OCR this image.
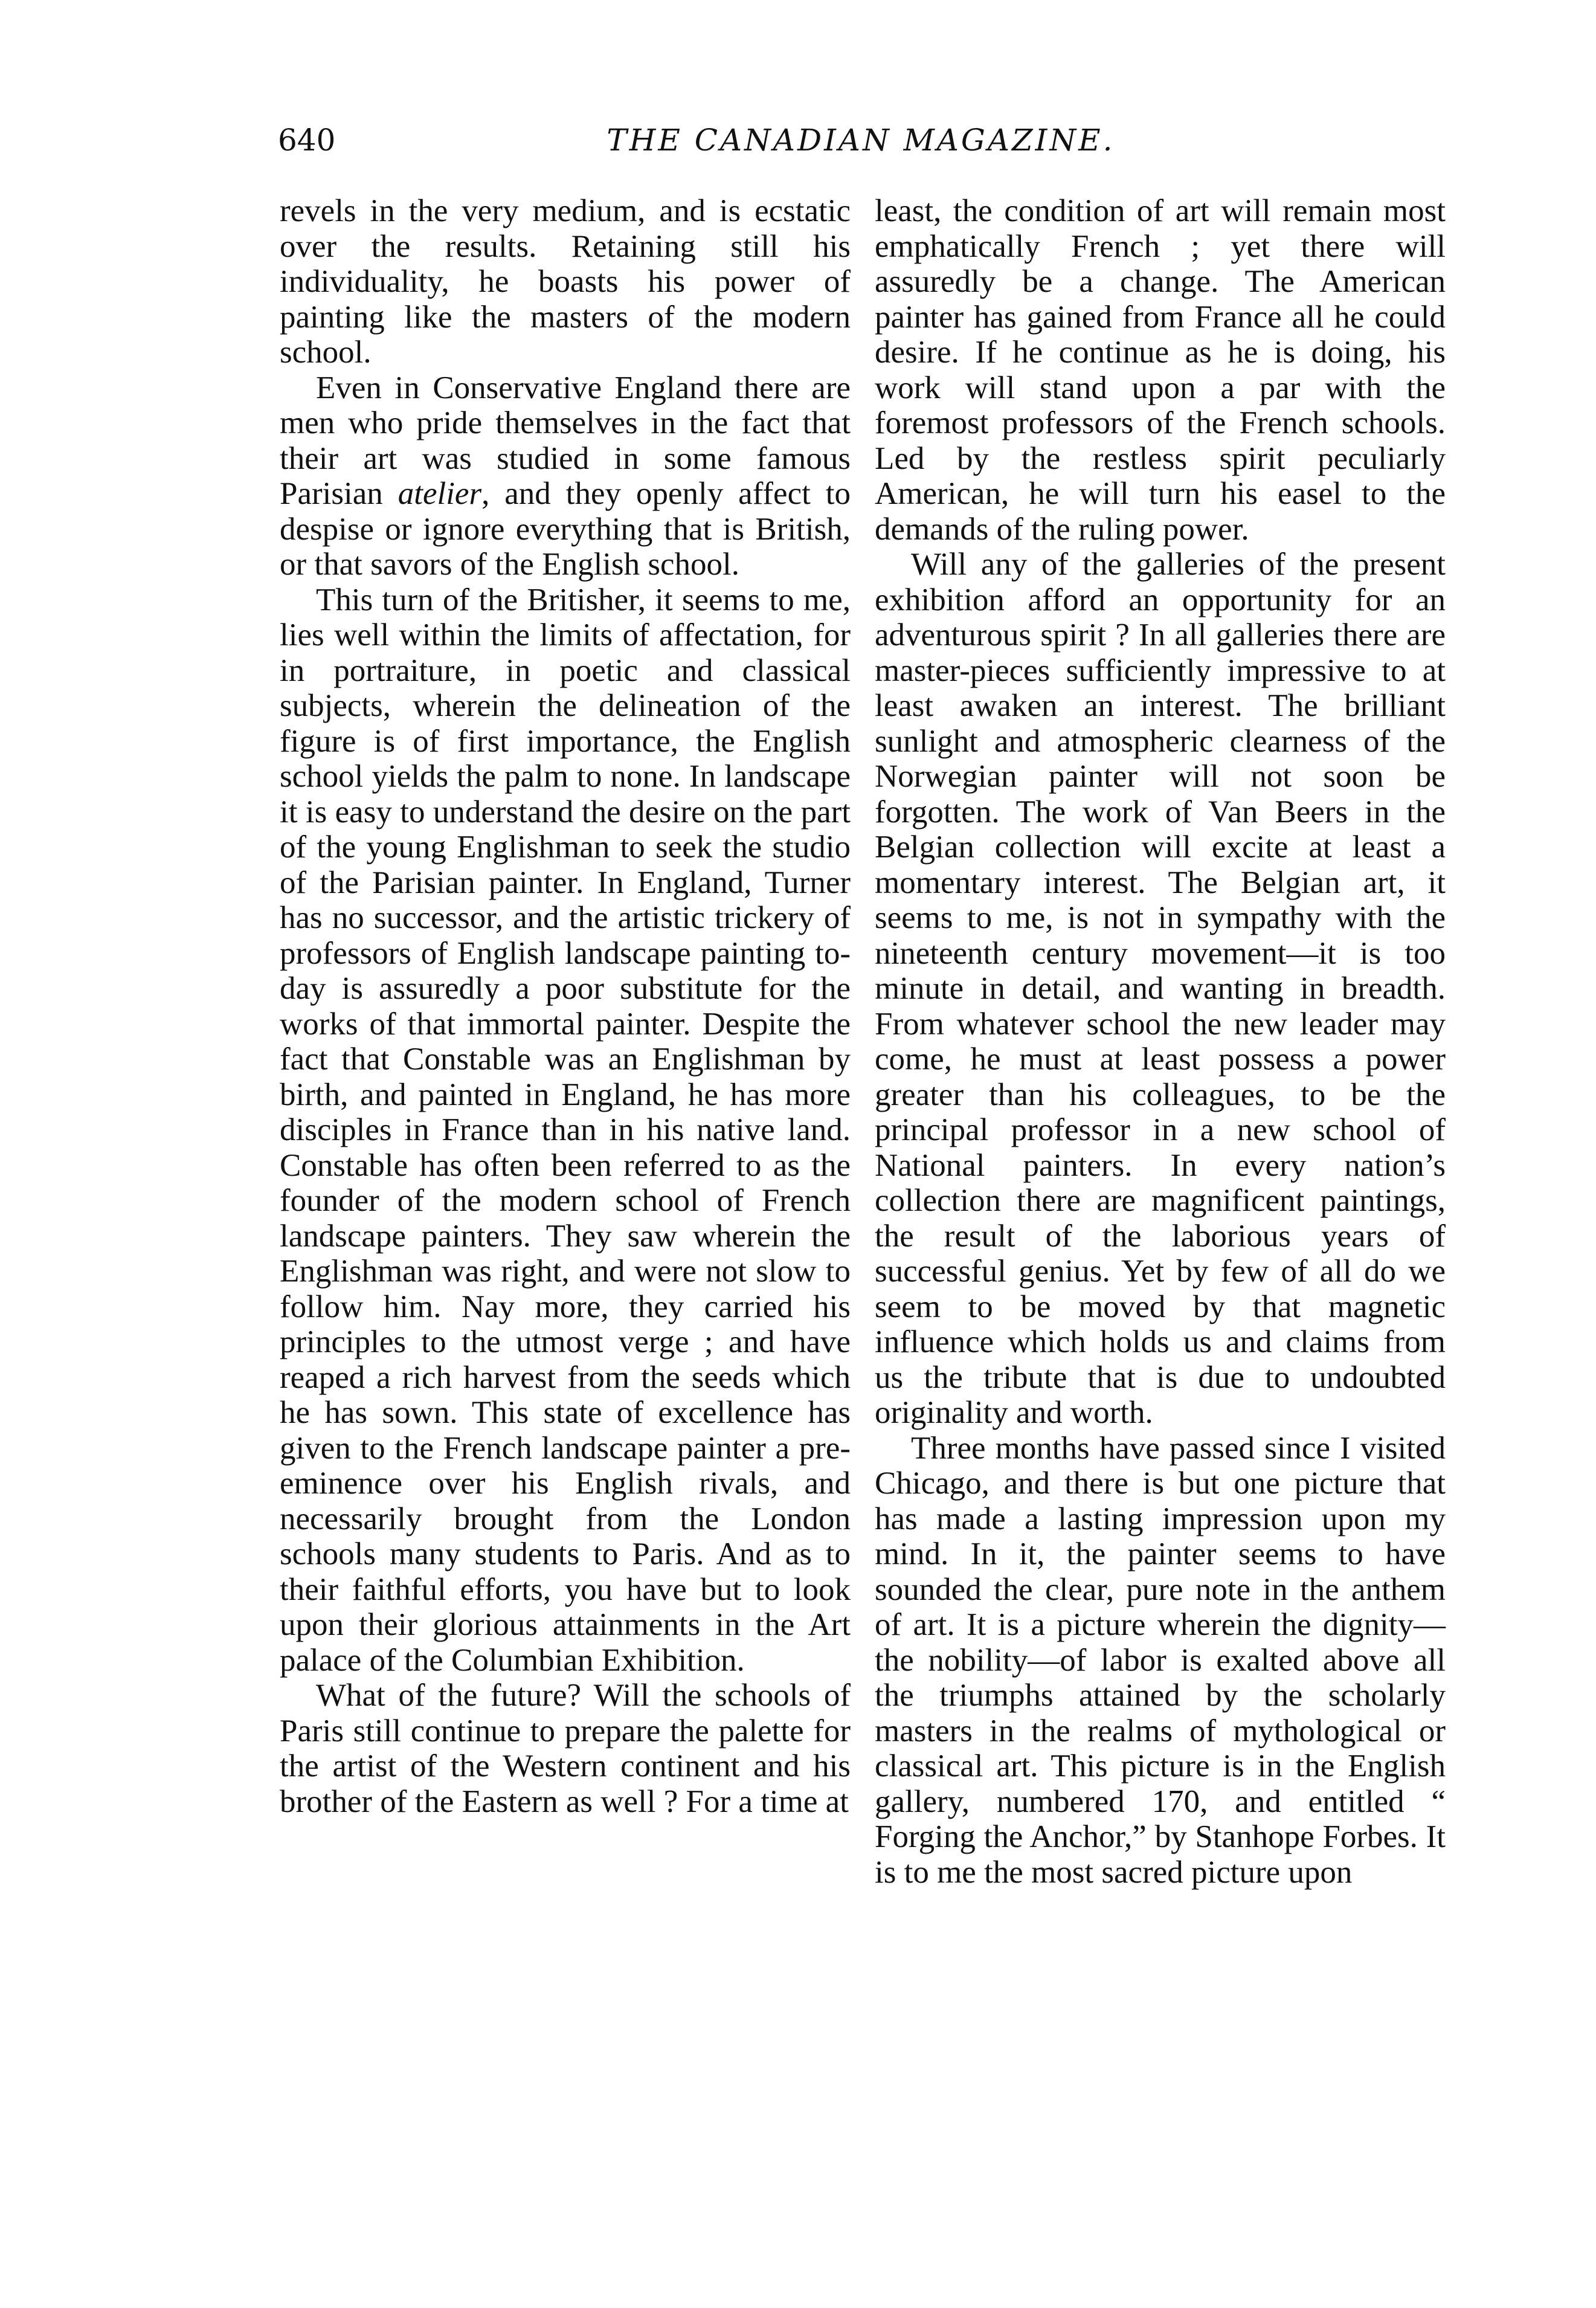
640	THE CANADIAN MAGAZINE.

revels in the very medium, and is ecstatic over the results. Retaining still his individuality, he boasts his power of painting like the masters of the modern school.

Even in Conservative England there are men who pride themselves in the fact that their art was studied in some famous Parisian atelier, and they openly affect to despise or ignore everything that is British, or that savors of the English school.

This turn of the Britisher, it seems to me, lies well within the limits of affectation, for in portraiture, in poetic and classical subjects, wherein the delineation of the figure is of first importance, the English school yields the palm to none. In landscape it is easy to understand the desire on the part of the young Englishman to seek the studio of the Parisian painter. In England, Turner has no successor, and the artistic trickery of professors of English landscape painting to-day is assuredly a poor substitute for the works of that immortal painter. Despite the fact that Constable was an Englishman by birth, and painted in England, he has more disciples in France than in his native land. Constable has often been referred to as the founder of the modern school of French landscape painters. They saw wherein the Englishman was right, and were not slow to follow him. Nay more, they carried his principles to the utmost verge ; and have reaped a rich harvest from the seeds which he has sown. This state of excellence has given to the French landscape painter a pre-eminence over his English rivals, and necessarily brought from the London schools many students to Paris. And as to their faithful efforts, you have but to look upon their glorious attainments in the Art palace of the Columbian Exhibition.

What of the future? Will the schools of Paris still continue to prepare the palette for the artist of the Western continent and his brother of the Eastern as well ? For a time at

least, the condition of art will remain most emphatically French ; yet there will assuredly be a change. The American painter has gained from France all he could desire. If he continue as he is doing, his work will stand upon a par with the foremost professors of the French schools. Led by the restless spirit peculiarly American, he will turn his easel to the demands of the ruling power.

Will any of the galleries of the present exhibition afford an opportunity for an adventurous spirit ? In all galleries there are master-pieces sufficiently impressive to at least awaken an interest. The brilliant sunlight and atmospheric clearness of the Norwegian painter will not soon be forgotten. The work of Van Beers in the Belgian collection will excite at least a momentary interest. The Belgian art, it seems to me, is not in sympathy with the nineteenth century movement—it is too minute in detail, and wanting in breadth. From whatever school the new leader may come, he must at least possess a power greater than his colleagues, to be the principal professor in a new school of National painters. In every nation’s collection there are magnificent paintings, the result of the laborious years of successful genius. Yet by few of all do we seem to be moved by that magnetic influence which holds us and claims from us the tribute that is due to undoubted originality and worth.

Three months have passed since I visited Chicago, and there is but one picture that has made a lasting impression upon my mind. In it, the painter seems to have sounded the clear, pure note in the anthem of art. It is a picture wherein the dignity—the nobility—of labor is exalted above all the triumphs attained by the scholarly masters in the realms of mythological or classical art. This picture is in the English gallery, numbered 170, and entitled “ Forging the Anchor,” by Stanhope Forbes. It is to me the most sacred picture upon
